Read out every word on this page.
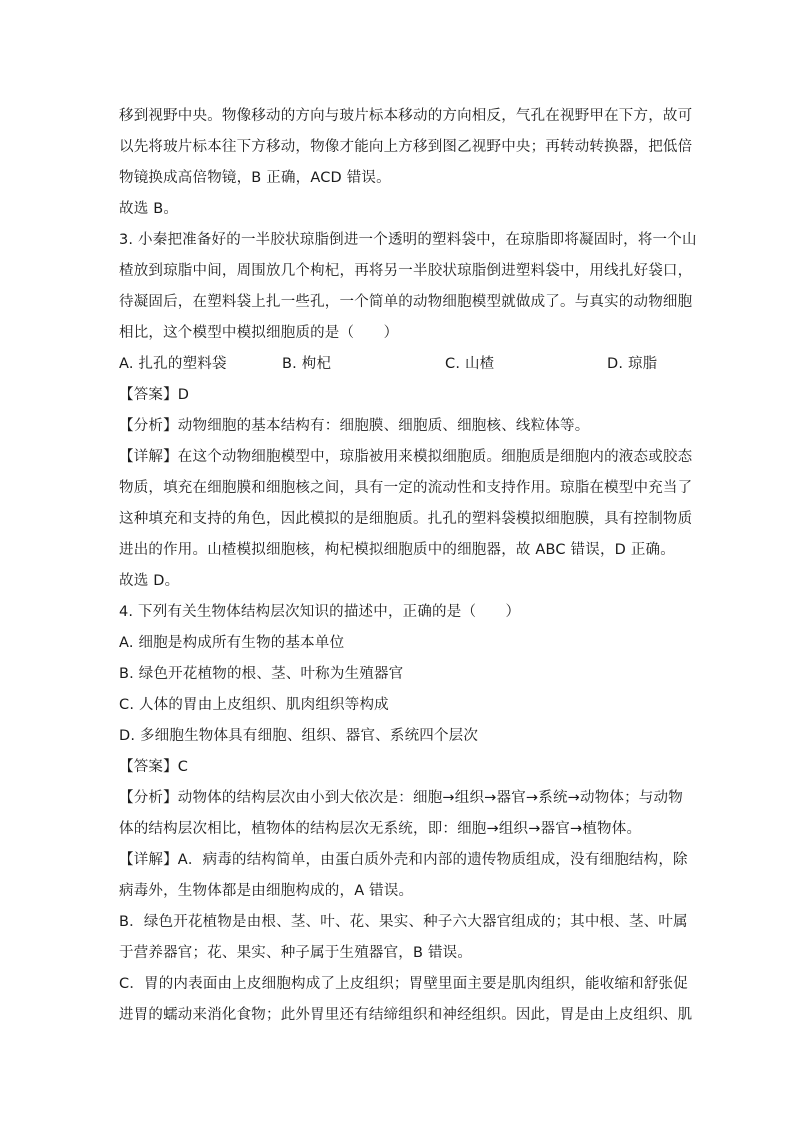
移到视野中央。物像移动的方向与玻片标本移动的方向相反，气孔在视野甲在下方，故可
以先将玻片标本往下方移动，物像才能向上方移到图乙视野中央；再转动转换器，把低倍
物镜换成高倍物镜，B 正确，ACD 错误。
故选 B。
3. 小秦把准备好的一半胶状琼脂倒进一个透明的塑料袋中，在琼脂即将凝固时，将一个山
楂放到琼脂中间，周围放几个枸杞，再将另一半胶状琼脂倒进塑料袋中，用线扎好袋口，
待凝固后，在塑料袋上扎一些孔，一个简单的动物细胞模型就做成了。与真实的动物细胞
相比，这个模型中模拟细胞质的是（　　）
A. 扎孔的塑料袋	B. 枸杞	C. 山楂	D. 琼脂
【答案】D
【分析】动物细胞的基本结构有：细胞膜、细胞质、细胞核、线粒体等。
【详解】在这个动物细胞模型中，琼脂被用来模拟细胞质。细胞质是细胞内的液态或胶态
物质，填充在细胞膜和细胞核之间，具有一定的流动性和支持作用。琼脂在模型中充当了
这种填充和支持的角色，因此模拟的是细胞质。扎孔的塑料袋模拟细胞膜，具有控制物质
进出的作用。山楂模拟细胞核，枸杞模拟细胞质中的细胞器，故 ABC 错误，D 正确。
故选 D。
4. 下列有关生物体结构层次知识的描述中，正确的是（　　）
A. 细胞是构成所有生物的基本单位
B. 绿色开花植物的根、茎、叶称为生殖器官
C. 人体的胃由上皮组织、肌肉组织等构成
D. 多细胞生物体具有细胞、组织、器官、系统四个层次
【答案】C
【分析】动物体的结构层次由小到大依次是：细胞→组织→器官→系统→动物体；与动物
体的结构层次相比，植物体的结构层次无系统，即：细胞→组织→器官→植物体。
【详解】A．病毒的结构简单，由蛋白质外壳和内部的遗传物质组成，没有细胞结构，除
病毒外，生物体都是由细胞构成的，A 错误。
B．绿色开花植物是由根、茎、叶、花、果实、种子六大器官组成的；其中根、茎、叶属
于营养器官；花、果实、种子属于生殖器官，B 错误。
C．胃的内表面由上皮细胞构成了上皮组织；胃壁里面主要是肌肉组织，能收缩和舒张促
进胃的蠕动来消化食物；此外胃里还有结缔组织和神经组织。因此，胃是由上皮组织、肌
